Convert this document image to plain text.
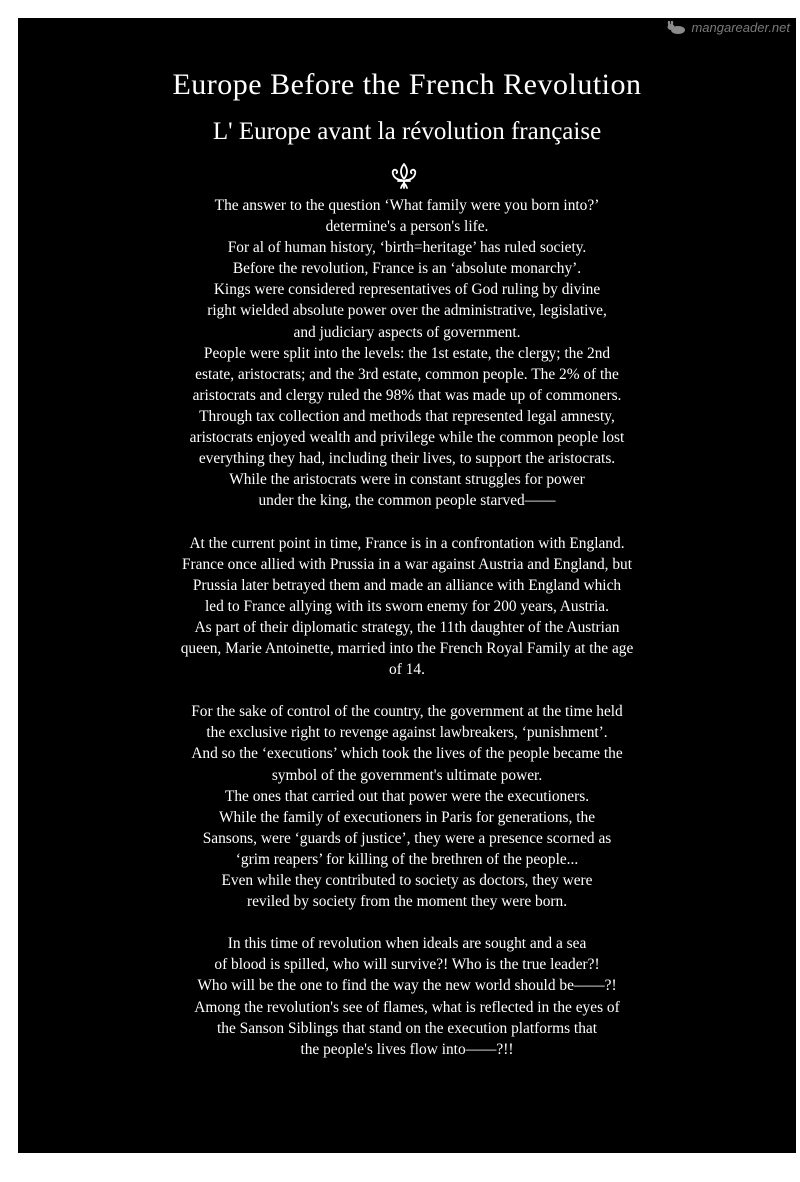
mangareader.net
Europe Before the French Revolution
L' Europe avant la révolution française

The answer to the question ‘What family were you born into?’
determine's a person's life.
For al of human history, ‘birth=heritage’ has ruled society.
Before the revolution, France is an ‘absolute monarchy’.
Kings were considered representatives of God ruling by divine
right wielded absolute power over the administrative, legislative,
and judiciary aspects of government.
People were split into the levels: the 1st estate, the clergy; the 2nd
estate, aristocrats; and the 3rd estate, common people. The 2% of the
aristocrats and clergy ruled the 98% that was made up of commoners.
Through tax collection and methods that represented legal amnesty,
aristocrats enjoyed wealth and privilege while the common people lost
everything they had, including their lives, to support the aristocrats.
While the aristocrats were in constant struggles for power
under the king, the common people starved――

At the current point in time, France is in a confrontation with England.
France once allied with Prussia in a war against Austria and England, but
Prussia later betrayed them and made an alliance with England which
led to France allying with its sworn enemy for 200 years, Austria.
As part of their diplomatic strategy, the 11th daughter of the Austrian
queen, Marie Antoinette, married into the French Royal Family at the age
of 14.

For the sake of control of the country, the government at the time held
the exclusive right to revenge against lawbreakers, ‘punishment’.
And so the ‘executions’ which took the lives of the people became the
symbol of the government's ultimate power.
The ones that carried out that power were the executioners.
While the family of executioners in Paris for generations, the
Sansons, were ‘guards of justice’, they were a presence scorned as
‘grim reapers’ for killing of the brethren of the people...
Even while they contributed to society as doctors, they were
reviled by society from the moment they were born.

In this time of revolution when ideals are sought and a sea
of blood is spilled, who will survive?! Who is the true leader?!
Who will be the one to find the way the new world should be――?!
Among the revolution's see of flames, what is reflected in the eyes of
the Sanson Siblings that stand on the execution platforms that
the people's lives flow into――?!!
